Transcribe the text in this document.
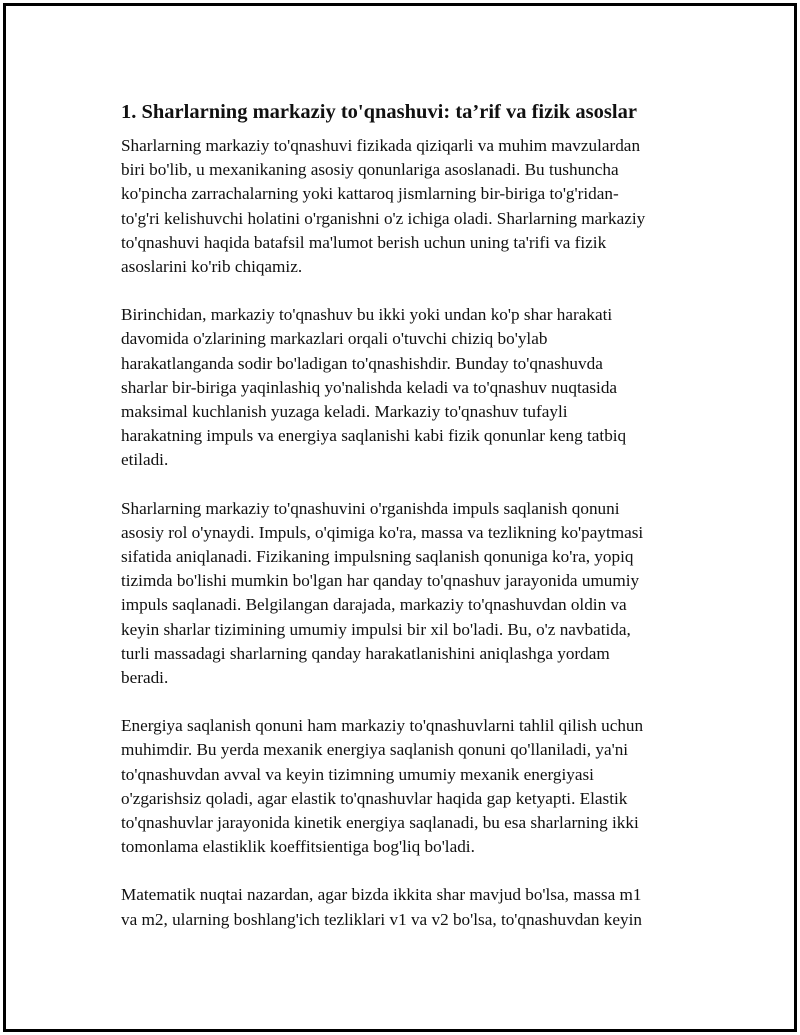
1. Sharlarning markaziy to'qnashuvi: ta’rif va fizik asoslar

Sharlarning markaziy to'qnashuvi fizikada qiziqarli va muhim mavzulardan
biri bo'lib, u mexanikaning asosiy qonunlariga asoslanadi. Bu tushuncha
ko'pincha zarrachalarning yoki kattaroq jismlarning bir-biriga to'g'ridan-
to'g'ri kelishuvchi holatini o'rganishni o'z ichiga oladi. Sharlarning markaziy
to'qnashuvi haqida batafsil ma'lumot berish uchun uning ta'rifi va fizik
asoslarini ko'rib chiqamiz.

Birinchidan, markaziy to'qnashuv bu ikki yoki undan ko'p shar harakati
davomida o'zlarining markazlari orqali o'tuvchi chiziq bo'ylab
harakatlanganda sodir bo'ladigan to'qnashishdir. Bunday to'qnashuvda
sharlar bir-biriga yaqinlashiq yo'nalishda keladi va to'qnashuv nuqtasida
maksimal kuchlanish yuzaga keladi. Markaziy to'qnashuv tufayli
harakatning impuls va energiya saqlanishi kabi fizik qonunlar keng tatbiq
etiladi.

Sharlarning markaziy to'qnashuvini o'rganishda impuls saqlanish qonuni
asosiy rol o'ynaydi. Impuls, o'qimiga ko'ra, massa va tezlikning ko'paytmasi
sifatida aniqlanadi. Fizikaning impulsning saqlanish qonuniga ko'ra, yopiq
tizimda bo'lishi mumkin bo'lgan har qanday to'qnashuv jarayonida umumiy
impuls saqlanadi. Belgilangan darajada, markaziy to'qnashuvdan oldin va
keyin sharlar tizimining umumiy impulsi bir xil bo'ladi. Bu, o'z navbatida,
turli massadagi sharlarning qanday harakatlanishini aniqlashga yordam
beradi.

Energiya saqlanish qonuni ham markaziy to'qnashuvlarni tahlil qilish uchun
muhimdir. Bu yerda mexanik energiya saqlanish qonuni qo'llaniladi, ya'ni
to'qnashuvdan avval va keyin tizimning umumiy mexanik energiyasi
o'zgarishsiz qoladi, agar elastik to'qnashuvlar haqida gap ketyapti. Elastik
to'qnashuvlar jarayonida kinetik energiya saqlanadi, bu esa sharlarning ikki
tomonlama elastiklik koeffitsientiga bog'liq bo'ladi.

Matematik nuqtai nazardan, agar bizda ikkita shar mavjud bo'lsa, massa m1
va m2, ularning boshlang'ich tezliklari v1 va v2 bo'lsa, to'qnashuvdan keyin
